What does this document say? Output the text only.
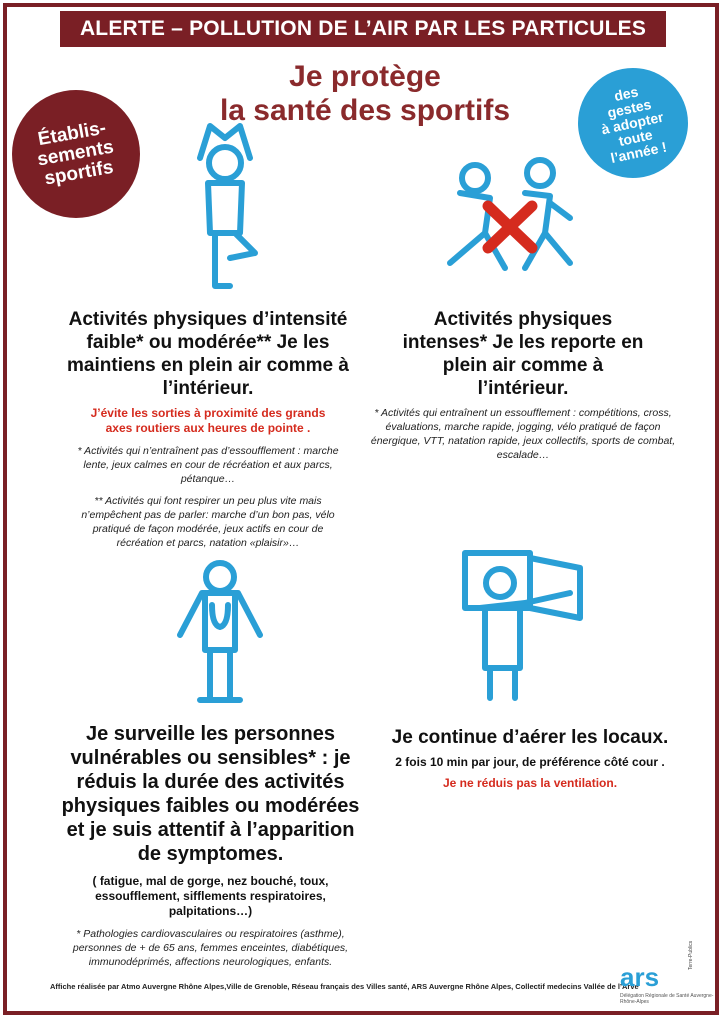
ALERTE – POLLUTION DE L’AIR PAR LES PARTICULES
Je protège
la santé des sportifs
Établis-
sements
sportifs
des
gestes
à adopter
toute
l’année !
Activités physiques d’intensité faible* ou modérée** Je les maintiens en plein air comme à l’intérieur.
J’évite les sorties à proximité des grands axes routiers aux heures de pointe .
* Activités qui n’entraînent pas d’essoufflement : marche lente, jeux calmes en cour de récréation et aux parcs, pétanque…
** Activités qui font respirer un peu plus vite mais n’empêchent pas de parler: marche d’un bon pas, vélo pratiqué de façon modérée, jeux actifs en cour de récréation et parcs, natation «plaisir»…
Activités physiques intenses* Je les reporte en plein air comme à l’intérieur.
* Activités qui entraînent un essoufflement : compétitions, cross, évaluations, marche rapide, jogging, vélo pratiqué de façon énergique, VTT, natation rapide, jeux collectifs, sports de combat, escalade…
Je surveille les personnes vulnérables ou sensibles* : je réduis la durée des activités physiques faibles ou modérées et je suis attentif à l’apparition de symptomes.
( fatigue, mal de gorge, nez bouché, toux, essoufflement, sifflements respiratoires, palpitations…)
* Pathologies cardiovasculaires ou respiratoires (asthme), personnes de + de 65 ans, femmes enceintes, diabétiques, immunodéprimés, affections neurologiques, enfants.
Je continue d’aérer les locaux.
2 fois 10 min par jour, de préférence côté cour .
Je ne réduis pas la ventilation.
Affiche réalisée par Atmo Auvergne Rhône Alpes,Ville de Grenoble, Réseau français des Villes santé, ARS Auvergne Rhône Alpes, Collectif medecins Vallée de l’Arve
ars
Délégation Régionale de Santé Auvergne-Rhône-Alpes
Terre-Publics
